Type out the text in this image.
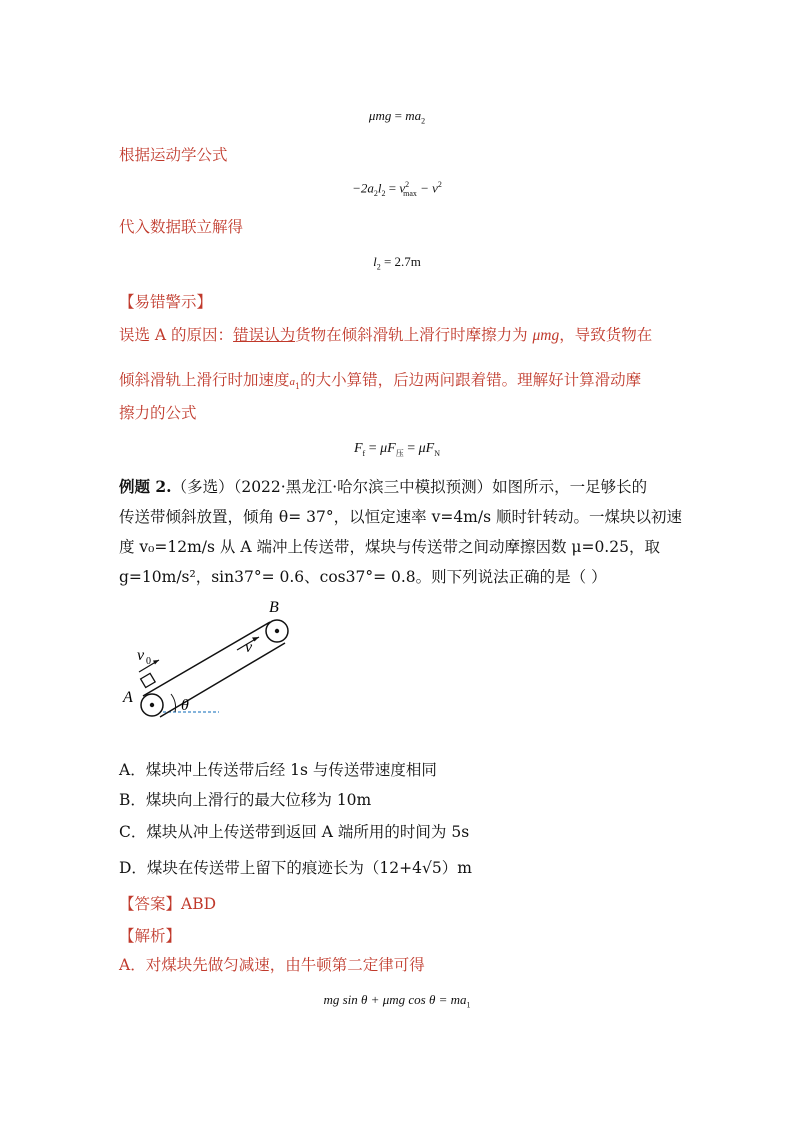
$\mu mg = ma_2$
根据运动学公式
$-2a_2l_2 = v^2_{max} - v^2$
代入数据联立解得
$l_2 = 2.7m$
【易错警示】
误选 A 的原因：错误认为货物在倾斜滑轨上滑行时摩擦力为 μmg，导致货物在
倾斜滑轨上滑行时加速度$a_1$的大小算错，后边两问跟着错。理解好计算滑动摩
擦力的公式
$F_f = \mu F_压 = \mu F_N$
例题 2.（多选）（2022·黑龙江·哈尔滨三中模拟预测）如图所示，一足够长的
传送带倾斜放置，倾角 θ= 37°，以恒定速率 v=4m/s 顺时针转动。一煤块以初速
度 v₀=12m/s 从 A 端冲上传送带，煤块与传送带之间动摩擦因数 μ=0.25，取
g=10m/s²，sin37°= 0.6、cos37°= 0.8。则下列说法正确的是（ ）
B
A
v
v 0
θ
A．煤块冲上传送带后经 1s 与传送带速度相同
B．煤块向上滑行的最大位移为 10m
C．煤块从冲上传送带到返回 A 端所用的时间为 5s
D．煤块在传送带上留下的痕迹长为（12+4√5）m
【答案】ABD
【解析】
A．对煤块先做匀减速，由牛顿第二定律可得
mg sin θ + μmg $\cos \theta = ma_1$
